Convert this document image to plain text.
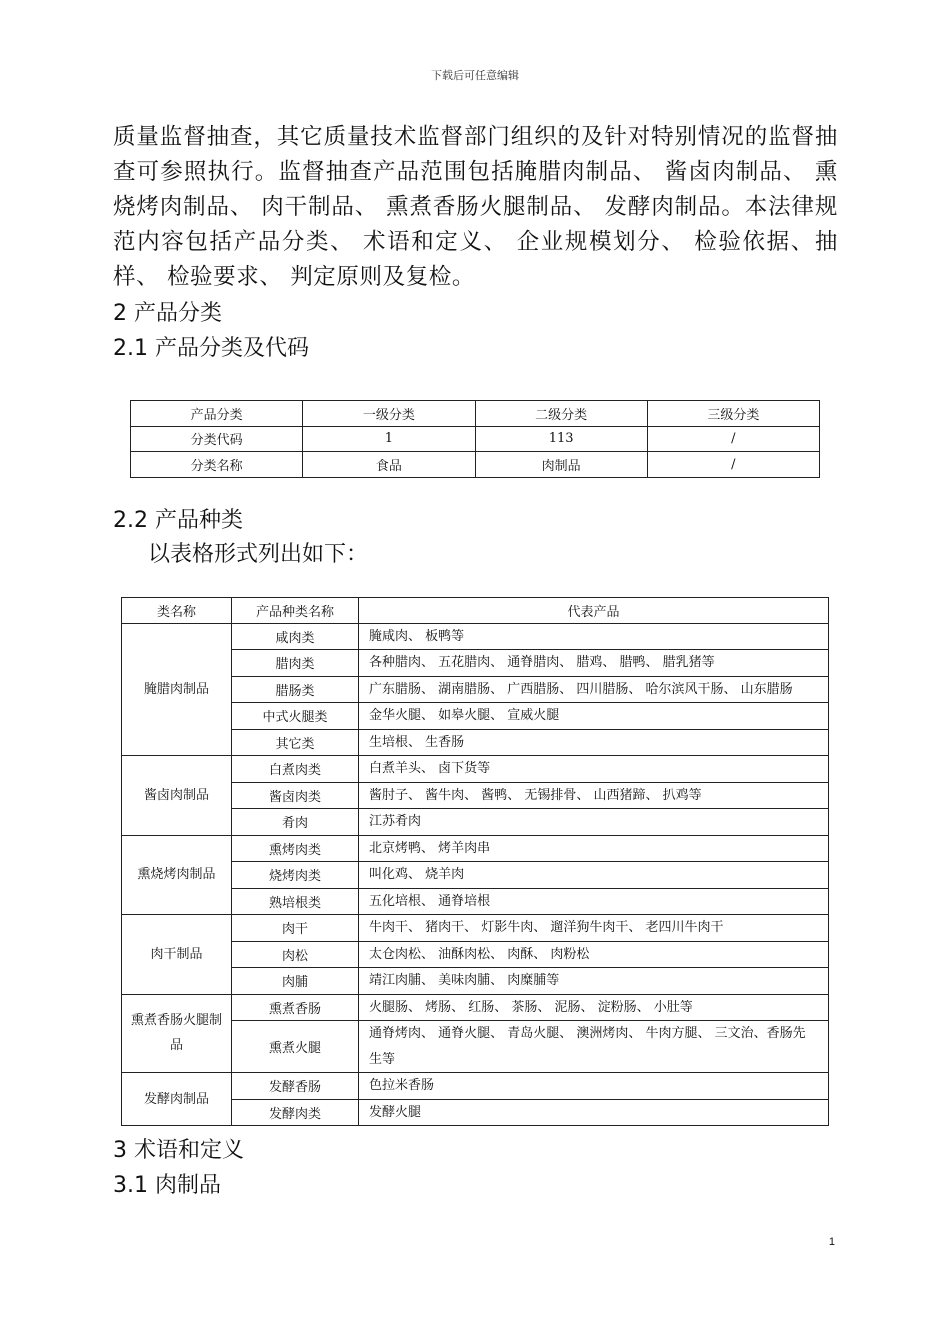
下载后可任意编辑

质量监督抽查，其它质量技术监督部门组织的及针对特别情况的监督抽查可参照执行。监督抽查产品范围包括腌腊肉制品、 酱卤肉制品、 熏烧烤肉制品、 肉干制品、 熏煮香肠火腿制品、 发酵肉制品。本法律规范内容包括产品分类、 术语和定义、 企业规模划分、 检验依据、抽样、 检验要求、 判定原则及复检。

2 产品分类
2.1 产品分类及代码
产品分类	一级分类	二级分类	三级分类
分类代码	1	113	/
分类名称	食品	肉制品	/
2.2 产品种类
以表格形式列出如下：
类名称	产品种类名称	代表产品
腌腊肉制品	咸肉类	腌咸肉、 板鸭等
	腊肉类	各种腊肉、 五花腊肉、 通脊腊肉、 腊鸡、 腊鸭、 腊乳猪等
	腊肠类	广东腊肠、 湖南腊肠、 广西腊肠、 四川腊肠、 哈尔滨风干肠、 山东腊肠
	中式火腿类	金华火腿、 如皋火腿、 宣威火腿
	其它类	生培根、 生香肠
酱卤肉制品	白煮肉类	白煮羊头、 卤下货等
	酱卤肉类	酱肘子、 酱牛肉、 酱鸭、 无锡排骨、 山西猪蹄、 扒鸡等
	肴肉	江苏肴肉
熏烧烤肉制品	熏烤肉类	北京烤鸭、 烤羊肉串
	烧烤肉类	叫化鸡、 烧羊肉
	熟培根类	五化培根、 通脊培根
肉干制品	肉干	牛肉干、 猪肉干、 灯影牛肉、 遛洋狗牛肉干、 老四川牛肉干
	肉松	太仓肉松、 油酥肉松、 肉酥、 肉粉松
	肉脯	靖江肉脯、 美味肉脯、 肉糜脯等
熏煮香肠火腿制品	熏煮香肠	火腿肠、 烤肠、 红肠、 茶肠、 泥肠、 淀粉肠、 小肚等
	熏煮火腿	通脊烤肉、 通脊火腿、 青岛火腿、 澳洲烤肉、 牛肉方腿、 三文治、香肠先生等
发酵肉制品	发酵香肠	色拉米香肠
	发酵肉类	发酵火腿
3 术语和定义
3.1 肉制品
1
